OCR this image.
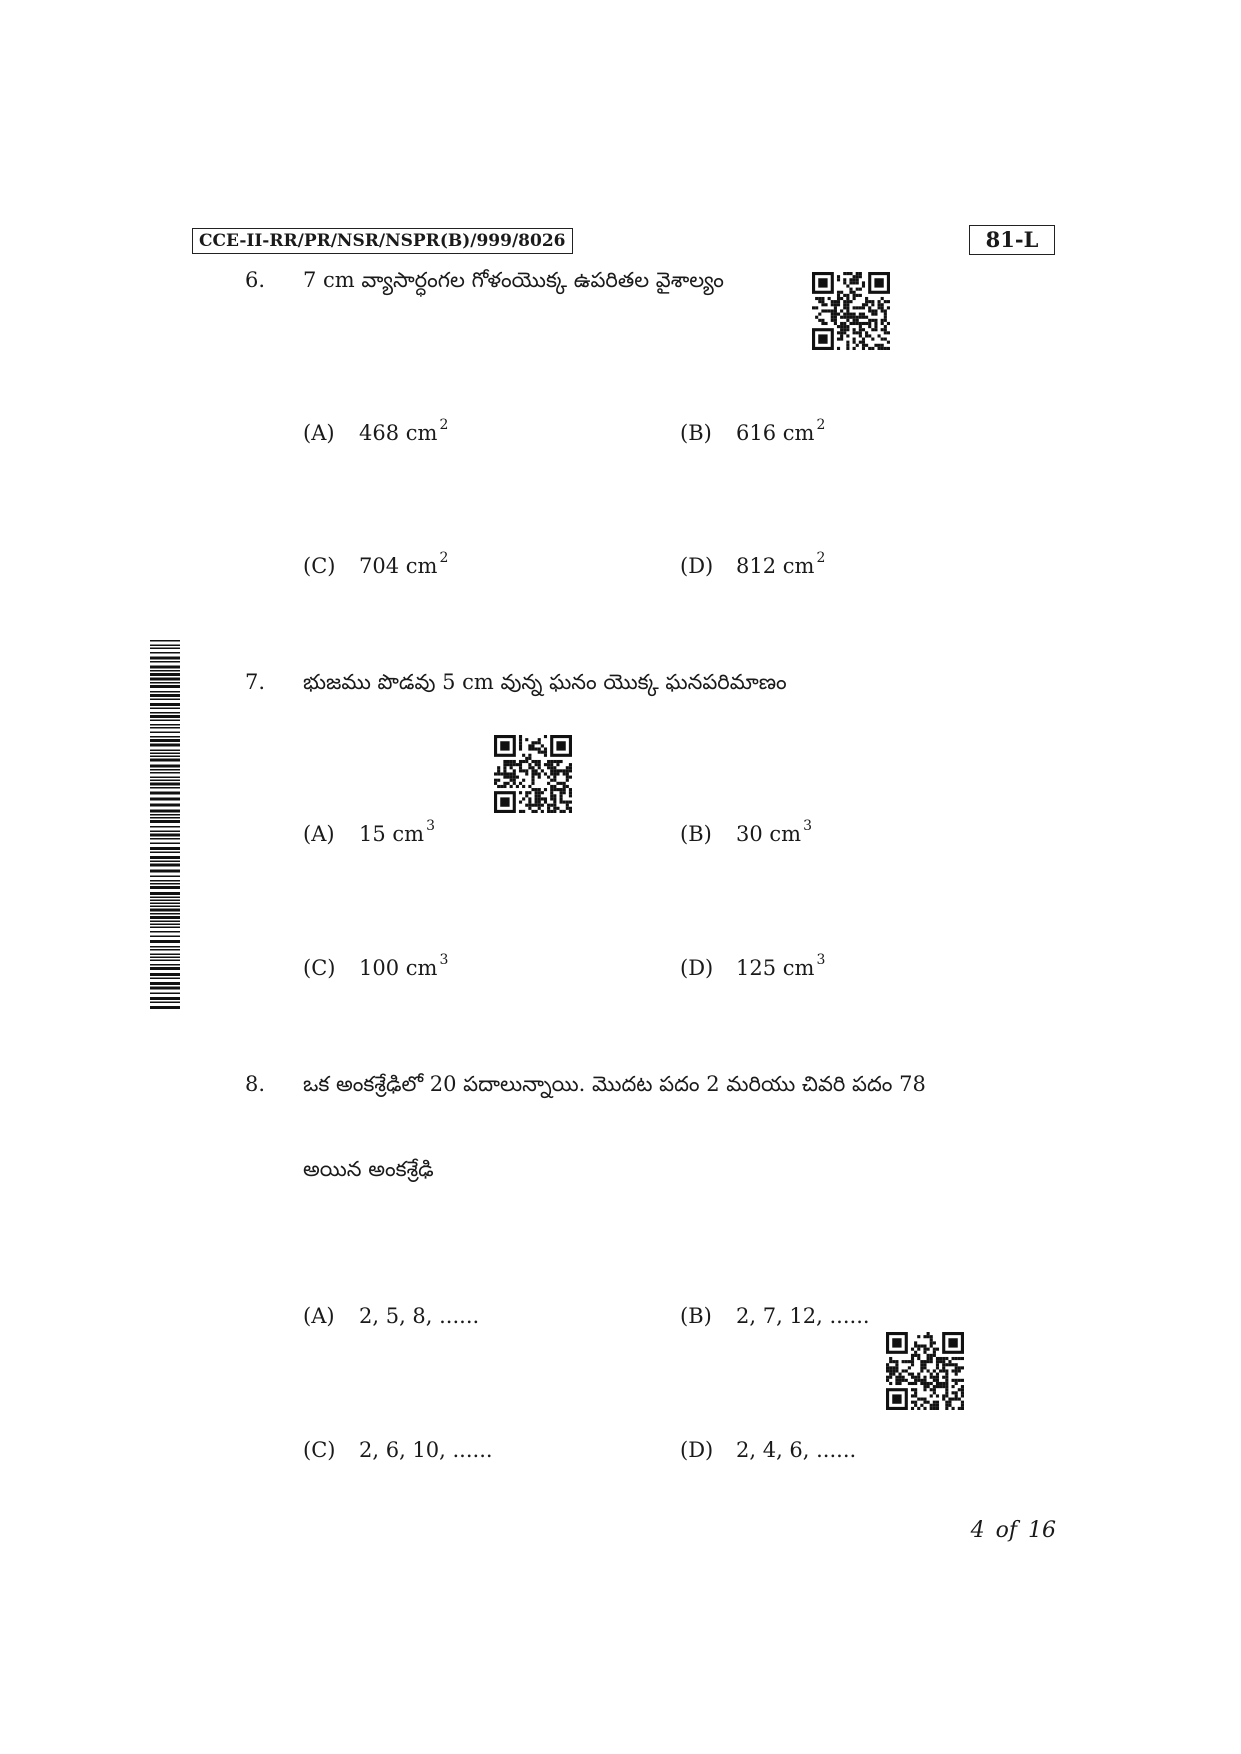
CCE-II-RR/PR/NSR/NSPR(B)/999/8026	81-L
6. 7 cm వ్యాసార్ధంగల గోళంయొక్క ఉపరితల వైశాల్యం
(A) 468 cm $^2$	(B) 616 cm $^2$
(C) 704 cm $^2$	(D) 812 cm $^2$
7. భుజము పొడవు 5 cm వున్న ఘనం యొక్క ఘనపరిమాణం
(A) 15 cm $^3$	(B) 30 cm $^3$
(C) 100 cm $^3$	(D) 125 cm $^3$
8. ఒక అంకశ్రేఢిలో 20 పదాలున్నాయి. మొదట పదం 2 మరియు చివరి పదం 78
అయిన అంకశ్రేఢి
(A) 2, 5, 8, ......	(B) 2, 7, 12, ......
(C) 2, 6, 10, ......	(D) 2, 4, 6, ......
4 of 16
